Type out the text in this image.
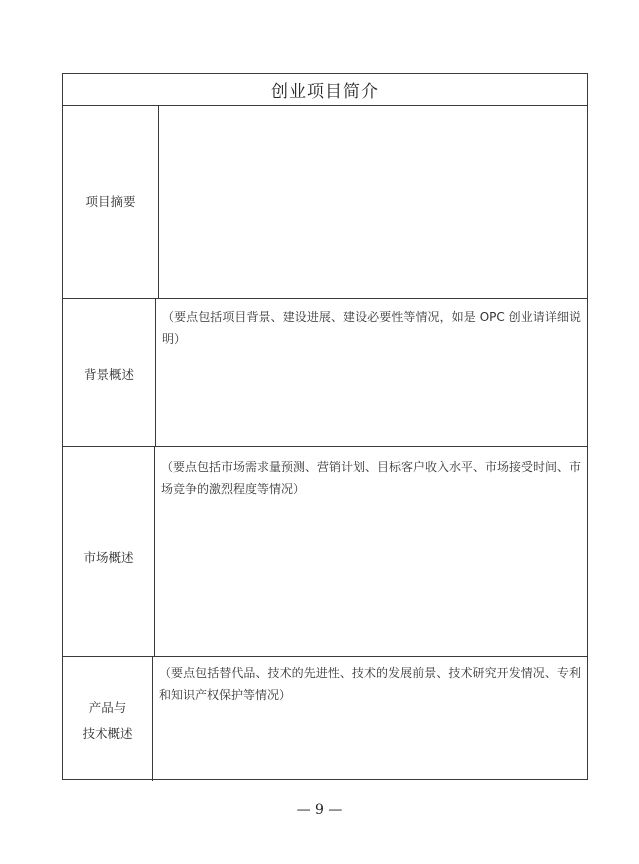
创业项目简介
项目摘要
背景概述
（要点包括项目背景、建设进展、建设必要性等情况，如是 OPC 创业请详细说明）
市场概述
（要点包括市场需求量预测、营销计划、目标客户收入水平、市场接受时间、市场竞争的激烈程度等情况）
产品与
技术概述
（要点包括替代品、技术的先进性、技术的发展前景、技术研究开发情况、专利和知识产权保护等情况）
— 9 —
